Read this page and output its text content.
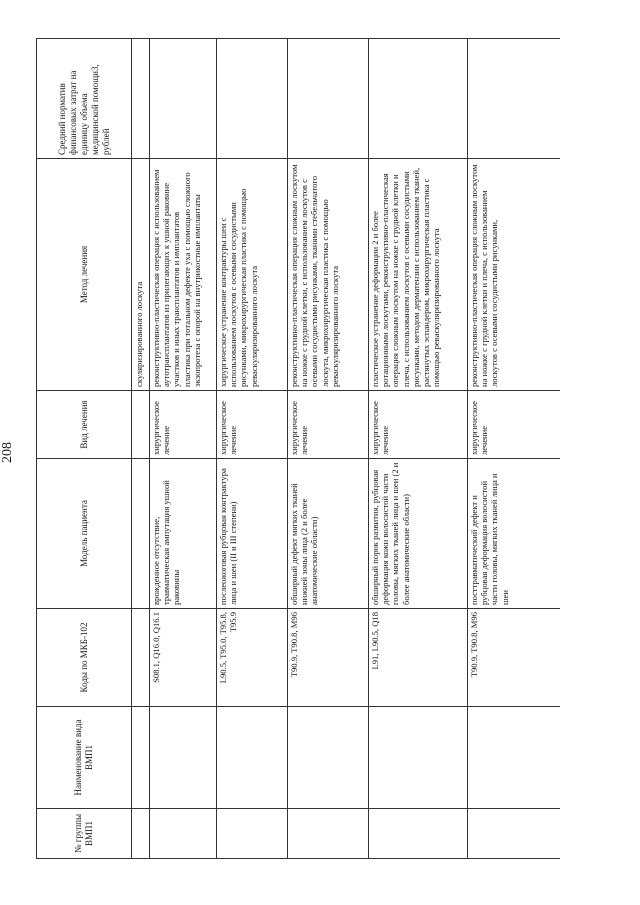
208
№ группы ВМП1	Наименование вида ВМП1	Коды по МКБ-102	Модель пациента	Вид лечения	Метод лечения	Средний норматив финансовых затрат на единицу объема медицинской помощи3, рублей
					скуляризированного лоскута	
		S08.1, Q16.0, Q16.1	врожденное отсутствие, травматическая ампутация ушной раковины	хирургическое лечение	реконструктивно-пластическая операция с использованием аутотрансплантатов из прилегающих к ушной раковине участков и иных трансплантатов и имплантатов пластика при тотальном дефекте уха с помощью сложного экзопротеза с опорой на внутрикостные имплантаты	

		L90.5, T95.0, T95.8, T95.9	послеожоговая рубцовая контрактура лица и шеи (II и III степени)	хирургическое лечение	хирургическое устранение контрактуры шеи с использованием лоскутов с осевыми сосудистыми рисунками, микрохирургическая пластика с помощью реваскуляризированного лоскута	
		T90.9, T90.8, M96	обширный дефект мягких тканей нижней зоны лица (2 и более анатомические области)	хирургическое лечение	реконструктивно-пластическая операция сложным лоскутом на ножке с грудной клетки, с использованием лоскутов с осевыми сосудистыми рисунками, тканями стебельчатого лоскута, микрохирургическая пластика с помощью реваскуляризированного лоскута	
		L91, L90.5, Q18	обширный порок развития, рубцовая деформация кожи волосистой части головы, мягких тканей лица и шеи (2 и более анатомические области)	хирургическое лечение	пластическое устранение деформации 2 и более ротационными лоскутами, реконструктивно-пластическая операция сложным лоскутом на ножке с грудной клетки и плеча, с использованием лоскутов с осевыми сосудистыми рисунками, методом дерматензии с использованием тканей, растянутых эспандером, микрохирургическая пластика с помощью реваскуляризированного лоскута	
		T90.9, T90.8, M96	посттравматический дефект и рубцовая деформация волосистой части головы, мягких тканей лица и шеи	хирургическое лечение	реконструктивно-пластическая операция сложным лоскутом на ножке с грудной клетки и плеча, с использованием лоскутов с осевыми сосудистыми рисунками,	
